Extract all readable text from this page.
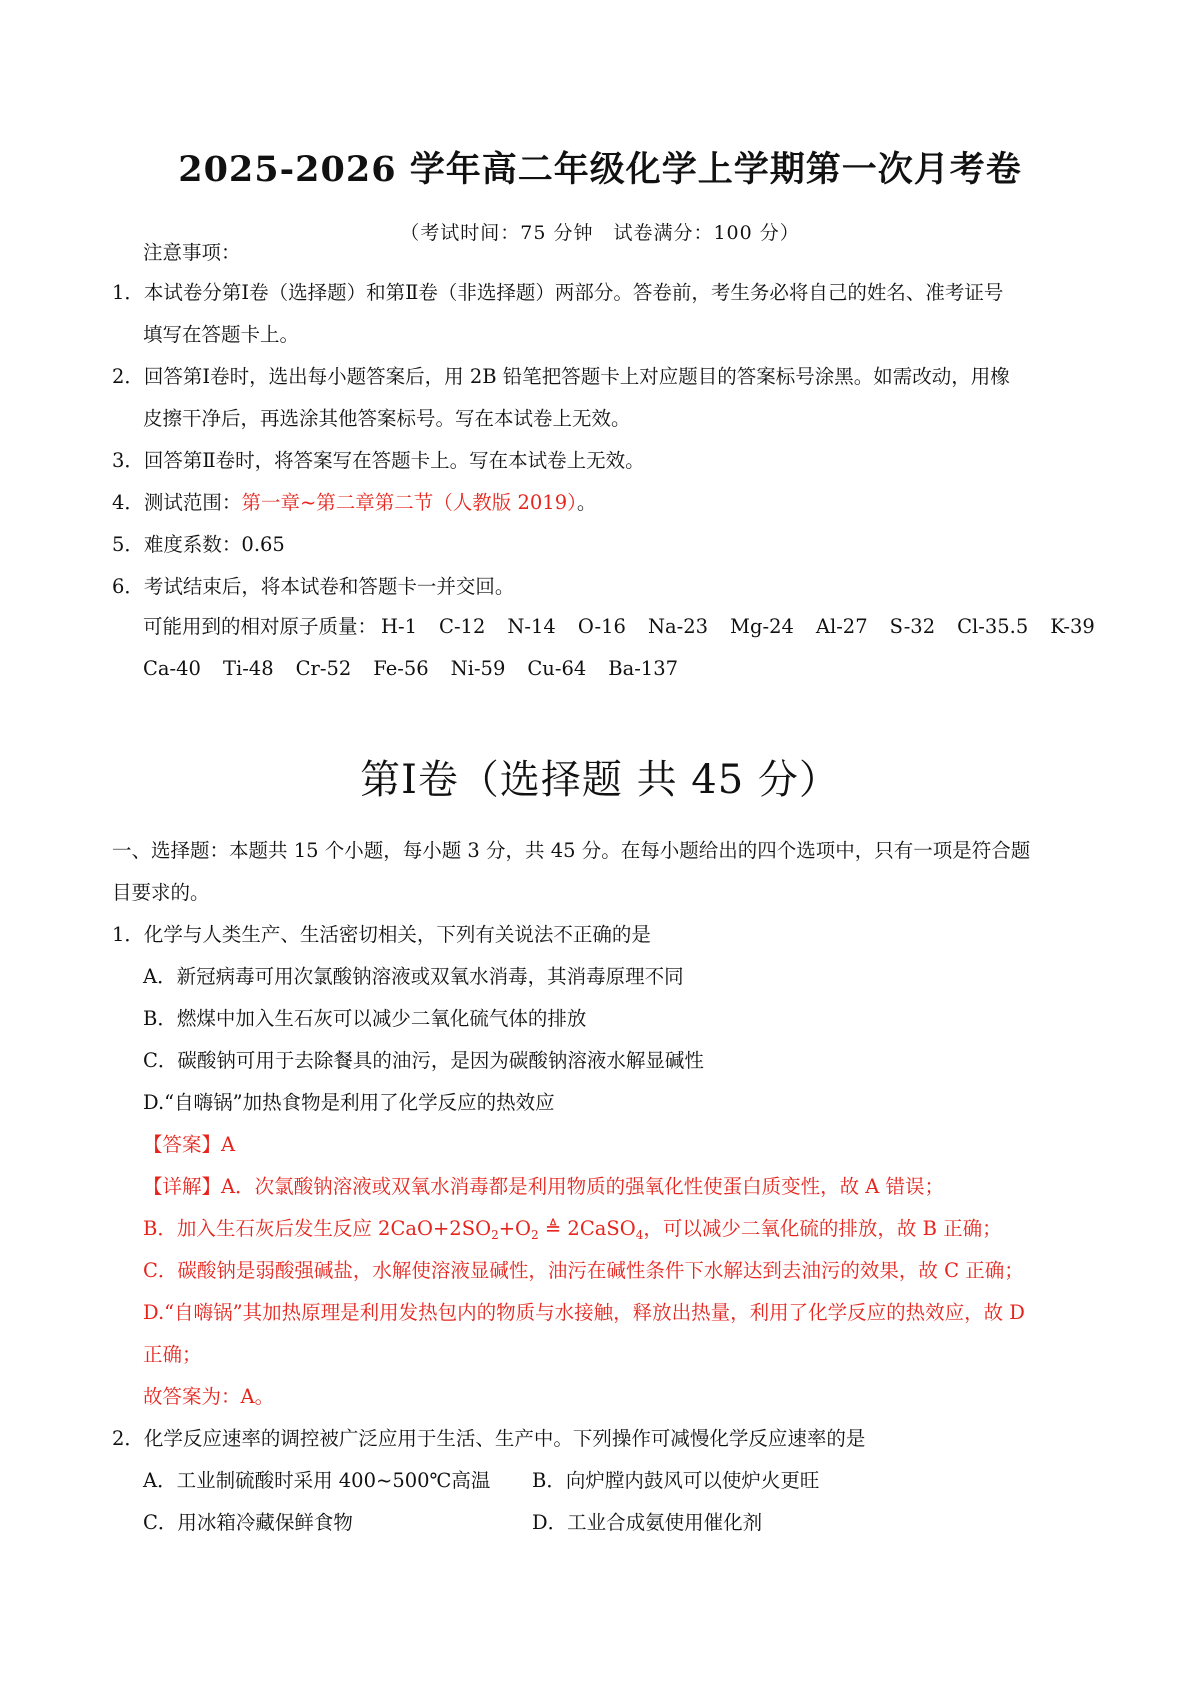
2025-2026 学年高二年级化学上学期第一次月考卷
（考试时间：75 分钟　试卷满分：100 分）
注意事项：
1．本试卷分第Ⅰ卷（选择题）和第Ⅱ卷（非选择题）两部分。答卷前，考生务必将自己的姓名、准考证号
填写在答题卡上。
2．回答第Ⅰ卷时，选出每小题答案后，用 2B 铅笔把答题卡上对应题目的答案标号涂黑。如需改动，用橡
皮擦干净后，再选涂其他答案标号。写在本试卷上无效。
3．回答第Ⅱ卷时，将答案写在答题卡上。写在本试卷上无效。
4．测试范围：第一章~第二章第二节（人教版 2019）。
5．难度系数：0.65
6．考试结束后，将本试卷和答题卡一并交回。
可能用到的相对原子质量： H-1 C-12 N-14 O-16 Na-23 Mg-24 Al-27 S-32 Cl-35.5 K-39
Ca-40 Ti-48 Cr-52 Fe-56 Ni-59 Cu-64 Ba-137
第Ⅰ卷（选择题 共 45 分）
一、选择题：本题共 15 个小题，每小题 3 分，共 45 分。在每小题给出的四个选项中，只有一项是符合题
目要求的。
1．化学与人类生产、生活密切相关，下列有关说法不正确的是
A．新冠病毒可用次氯酸钠溶液或双氧水消毒，其消毒原理不同
B．燃煤中加入生石灰可以减少二氧化硫气体的排放
C．碳酸钠可用于去除餐具的油污，是因为碳酸钠溶液水解显碱性
D.“自嗨锅”加热食物是利用了化学反应的热效应
【答案】A
【详解】A．次氯酸钠溶液或双氧水消毒都是利用物质的强氧化性使蛋白质变性，故 A 错误；
B．加入生石灰后发生反应 $2CaO+2SO_2+O_2$ ≜ 2CaSO$_4$，可以减少二氧化硫的排放，故 B 正确；
C．碳酸钠是弱酸强碱盐，水解使溶液显碱性，油污在碱性条件下水解达到去油污的效果，故 C 正确；
D.“自嗨锅”其加热原理是利用发热包内的物质与水接触，释放出热量，利用了化学反应的热效应，故 D
正确；
故答案为：A。
2．化学反应速率的调控被广泛应用于生活、生产中。下列操作可减慢化学反应速率的是
A．工业制硫酸时采用 400~500℃高温 B．向炉膛内鼓风可以使炉火更旺
C．用冰箱冷藏保鲜食物	D．工业合成氨使用催化剂
